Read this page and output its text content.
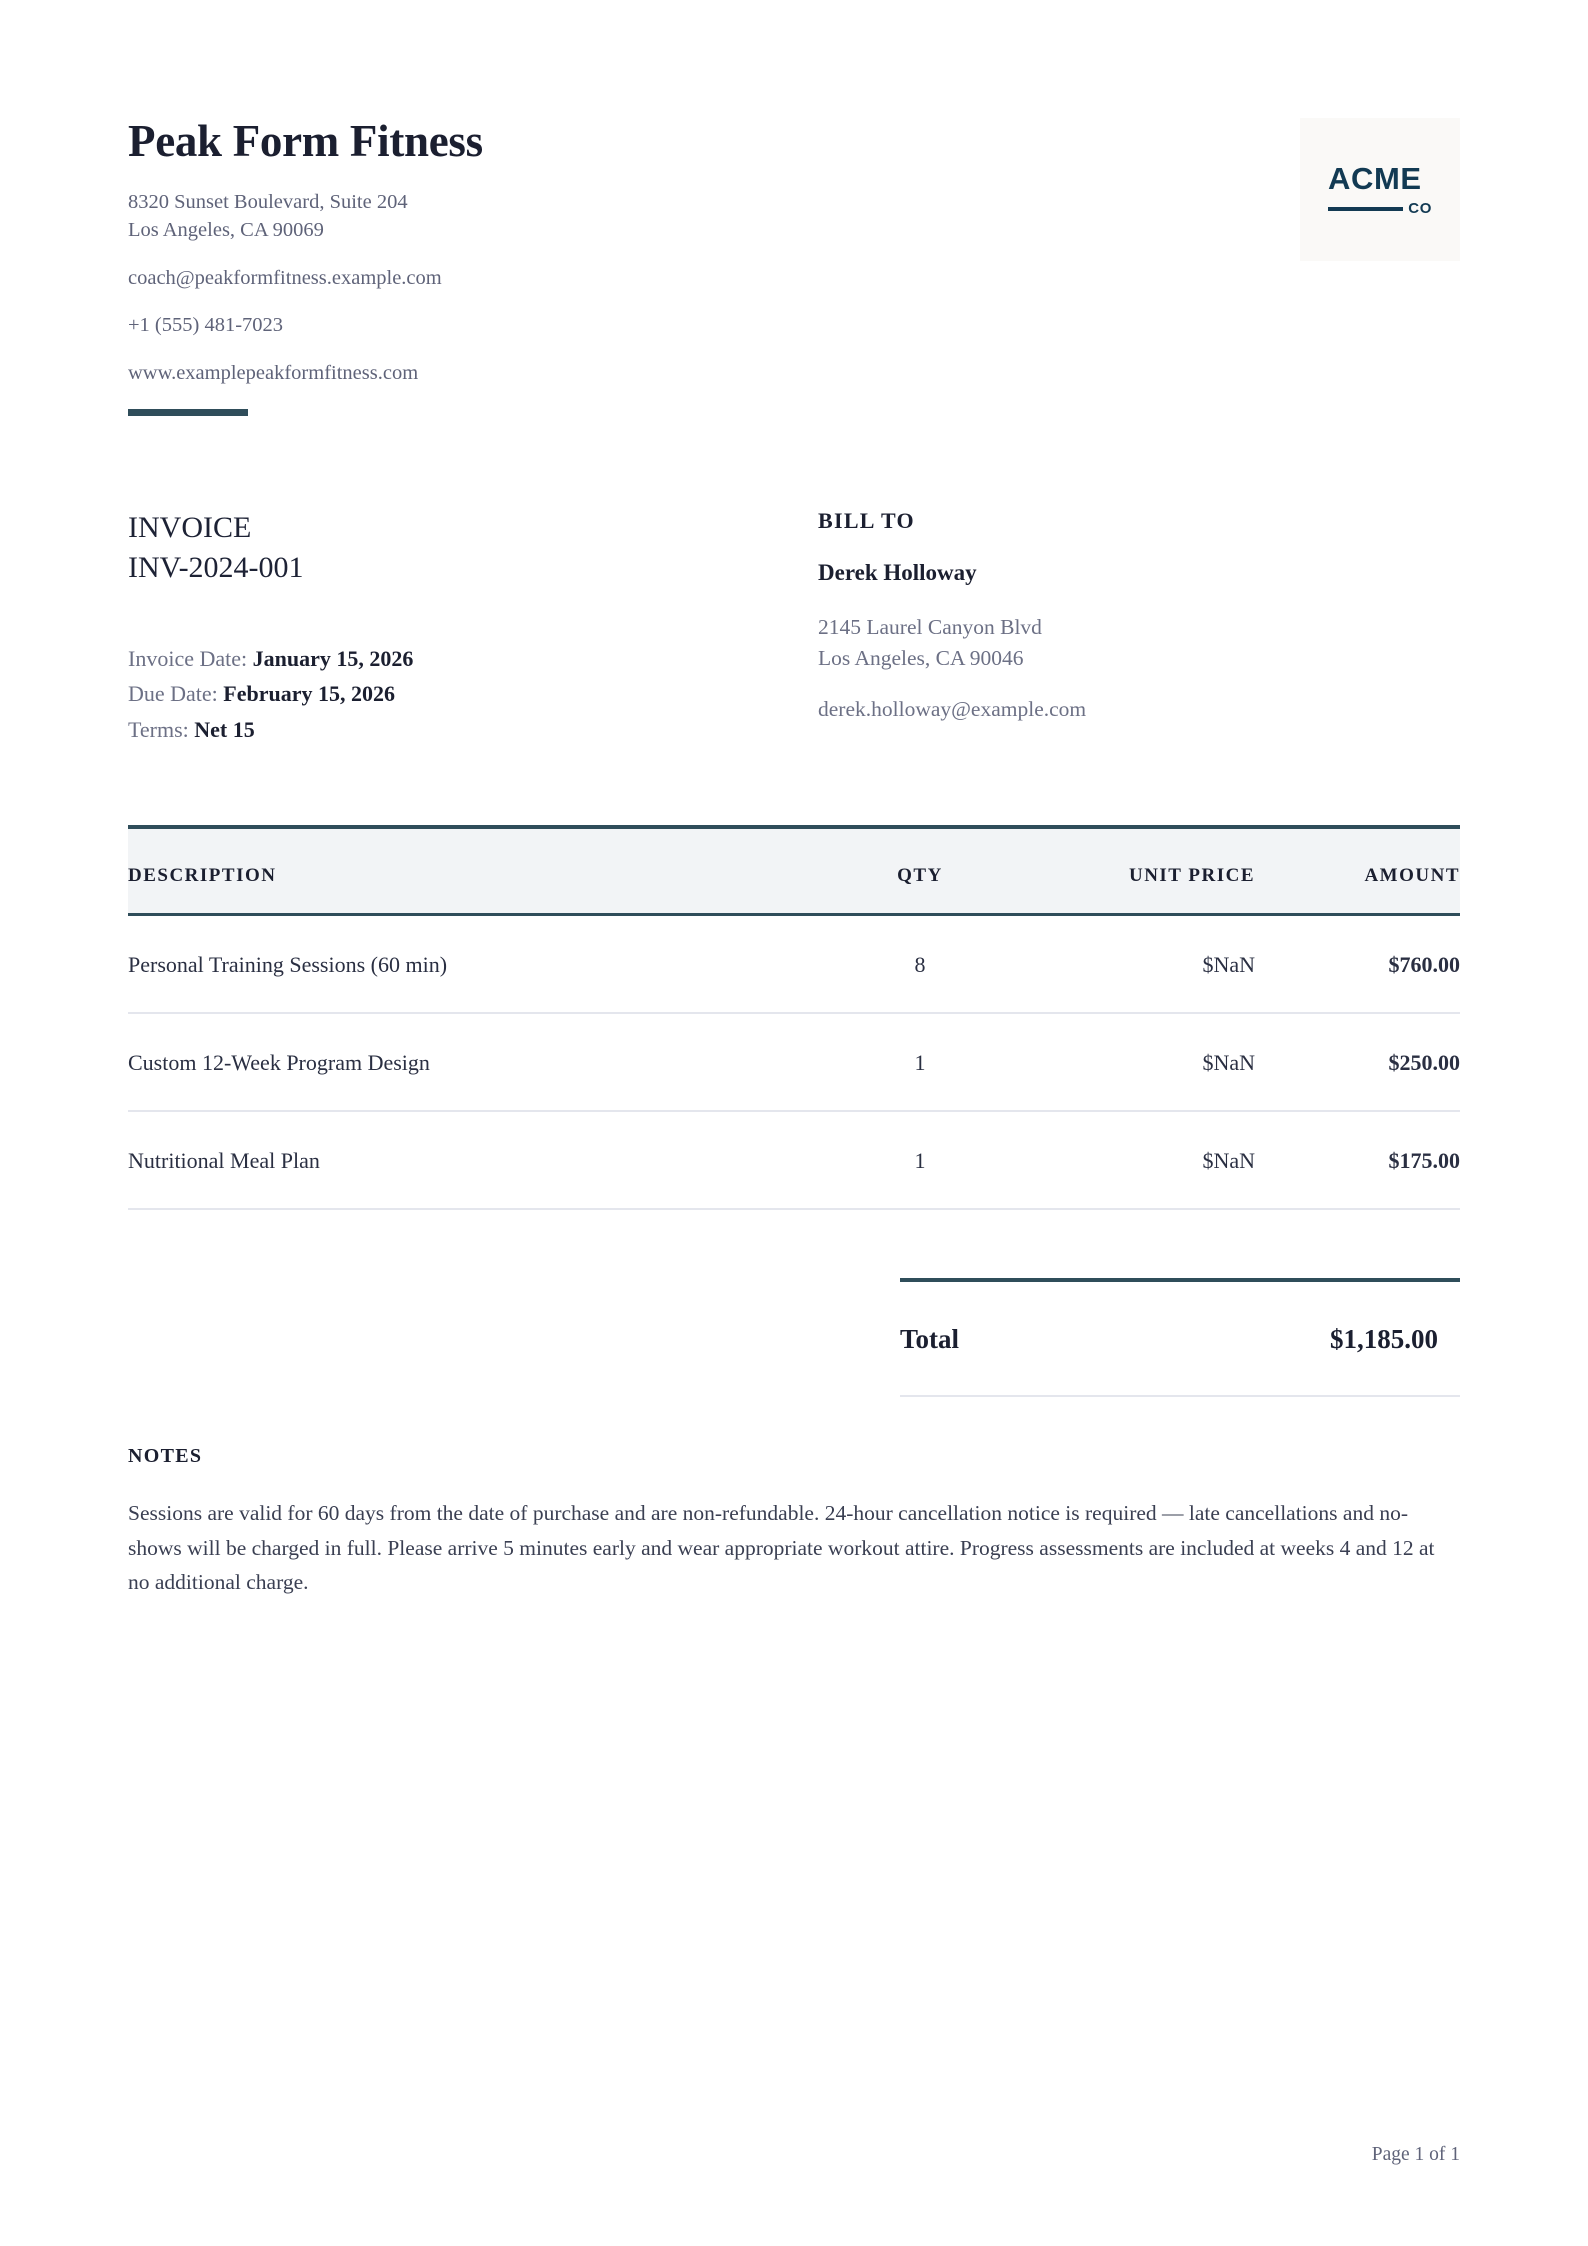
Peak Form Fitness
8320 Sunset Boulevard, Suite 204
Los Angeles, CA 90069
coach@peakformfitness.example.com
+1 (555) 481-7023
www.examplepeakformfitness.com
ACME
CO
INVOICE
INV-2024-001
Invoice Date: January 15, 2026
Due Date: February 15, 2026
Terms: Net 15
BILL TO
Derek Holloway
2145 Laurel Canyon Blvd
Los Angeles, CA 90046
derek.holloway@example.com
DESCRIPTION	QTY	UNIT PRICE	AMOUNT
Personal Training Sessions (60 min)	8	$NaN	$760.00
Custom 12-Week Program Design	1	$NaN	$250.00
Nutritional Meal Plan	1	$NaN	$175.00
Total	$1,185.00
NOTES
Sessions are valid for 60 days from the date of purchase and are non-refundable. 24-hour cancellation notice is required — late cancellations and no-shows will be charged in full. Please arrive 5 minutes early and wear appropriate workout attire. Progress assessments are included at weeks 4 and 12 at no additional charge.
Page 1 of 1
